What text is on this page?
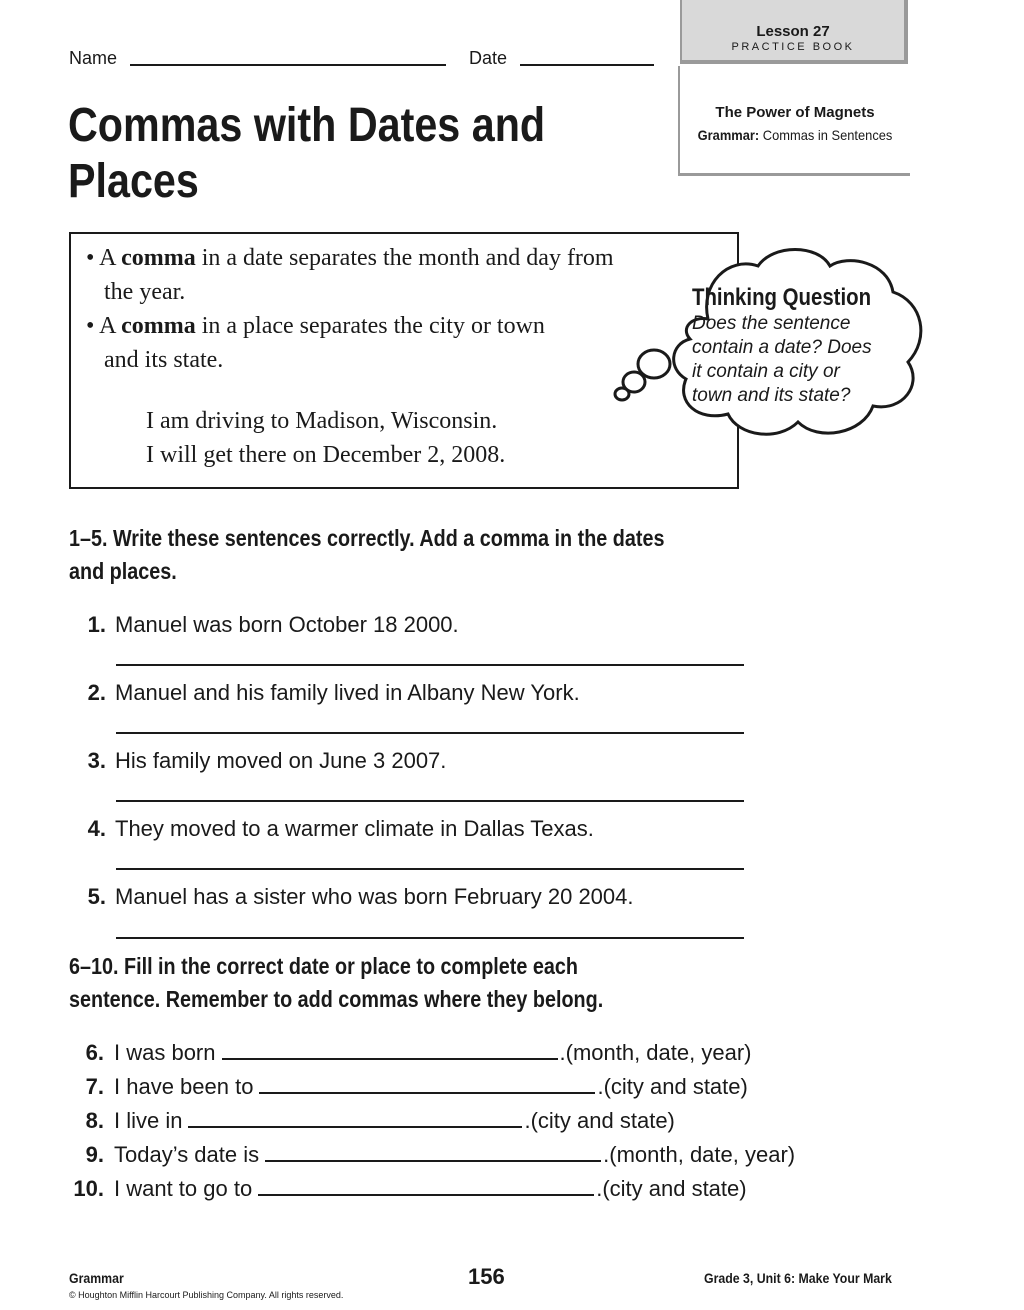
Lesson 27
PRACTICE BOOK
The Power of Magnets
Grammar: Commas in Sentences
Name	Date
Commas with Dates and
Places
• A comma in a date separates the month and day from
the year.
• A comma in a place separates the city or town
and its state.
I am driving to Madison, Wisconsin.
I will get there on December 2, 2008.
Thinking Question
Does the sentence
contain a date? Does
it contain a city or
town and its state?
1–5. Write these sentences correctly. Add a comma in the dates
and places.
1. Manuel was born October 18 2000.
2. Manuel and his family lived in Albany New York.
3. His family moved on June 3 2007.
4. They moved to a warmer climate in Dallas Texas.
5. Manuel has a sister who was born February 20 2004.
6–10. Fill in the correct date or place to complete each
sentence. Remember to add commas where they belong.
6. I was born	.(month, date, year)
7. I have been to	.(city and state)
8. I live in	.(city and state)
9. Today’s date is	.(month, date, year)
10. I want to go to	.(city and state)
Grammar	156	Grade 3, Unit 6: Make Your Mark
© Houghton Mifflin Harcourt Publishing Company. All rights reserved.
